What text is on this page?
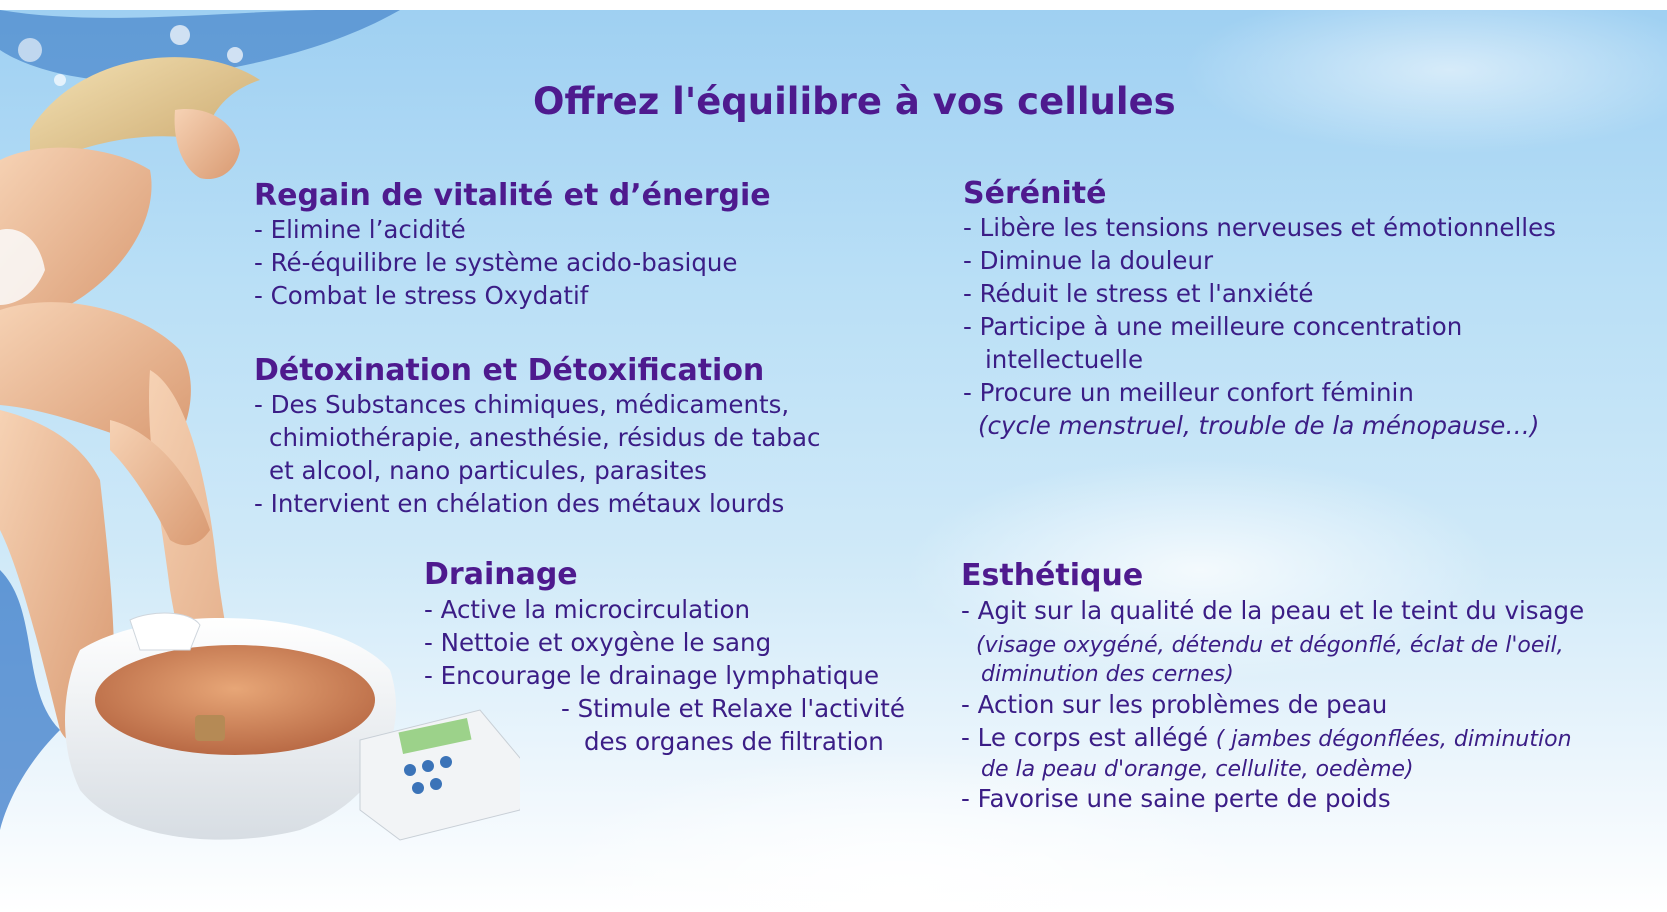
Offrez l'équilibre à vos cellules
Regain de vitalité et d’énergie
- Elimine l’acidité
- Ré-équilibre le système acido-basique
- Combat le stress Oxydatif
Détoxination et Détoxification
- Des Substances chimiques, médicaments,
chimiothérapie, anesthésie, résidus de tabac
et alcool, nano particules, parasites
- Intervient en chélation des métaux lourds
Drainage
- Active la microcirculation
- Nettoie et oxygène le sang
- Encourage le drainage lymphatique
- Stimule et Relaxe l'activité
des organes de filtration
Sérénité
- Libère les tensions nerveuses et émotionnelles
- Diminue la douleur
- Réduit le stress et l'anxiété
- Participe à une meilleure concentration
intellectuelle
- Procure un meilleur confort féminin
(cycle menstruel, trouble de la ménopause…)
Esthétique
- Agit sur la qualité de la peau et le teint du visage
(visage oxygéné, détendu et dégonflé, éclat de l'oeil,
diminution des cernes)
- Action sur les problèmes de peau
- Le corps est allégé ( jambes dégonflées, diminution
de la peau d'orange, cellulite, oedème)
- Favorise une saine perte de poids
